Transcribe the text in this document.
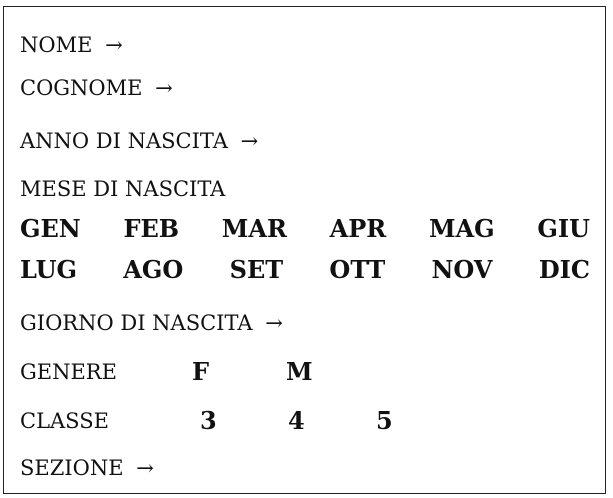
NOME →
COGNOME →
ANNO DI NASCITA →
MESE DI NASCITA
GEN FEB MAR APR MAG GIU
LUG AGO SET OTT NOV DIC
GIORNO DI NASCITA →
GENERE	F	M
CLASSE	3	4	5
SEZIONE →
